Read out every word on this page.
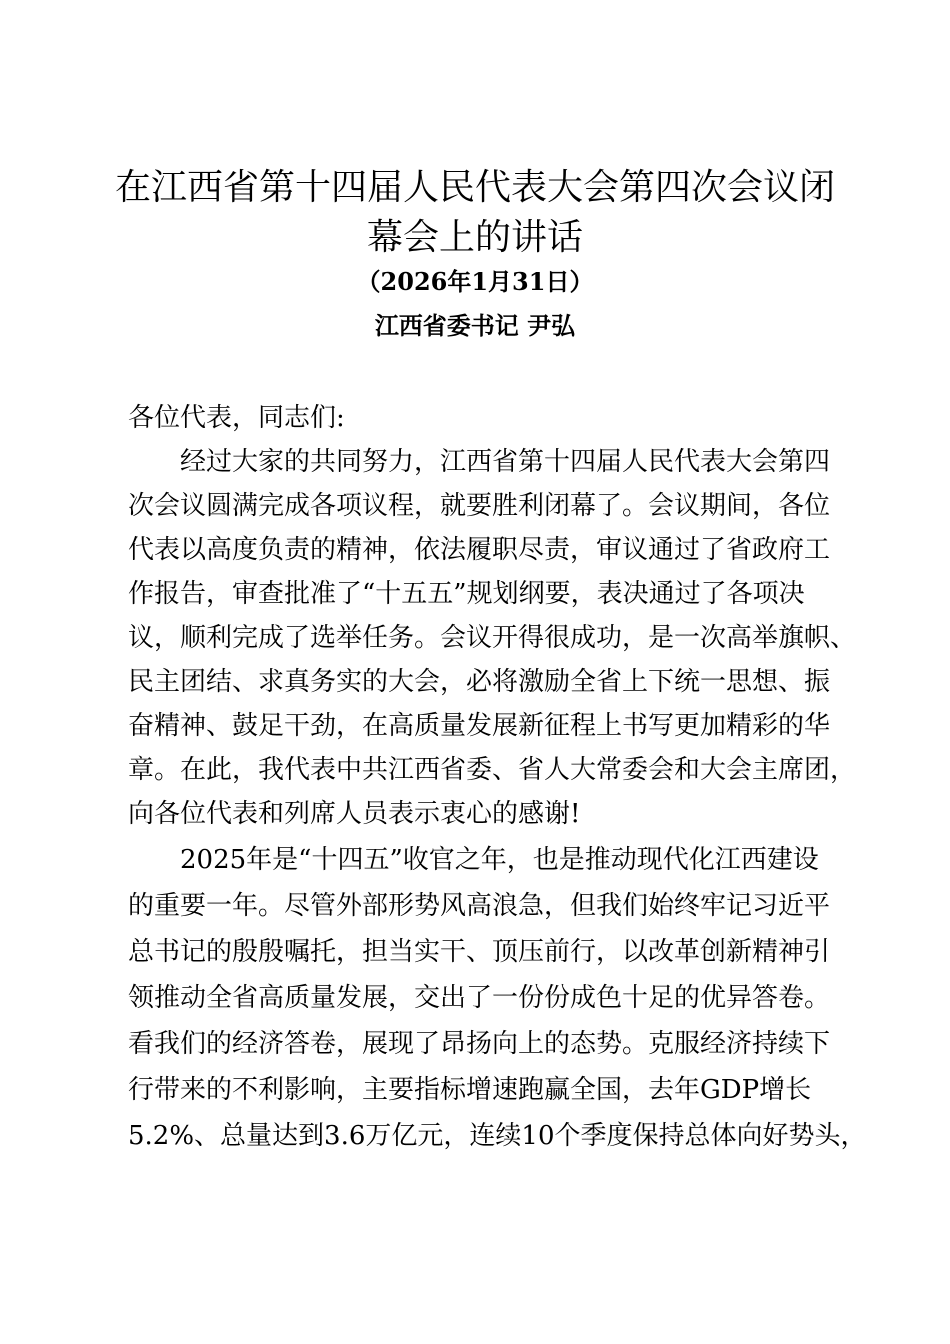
在江西省第十四届人民代表大会第四次会议闭
幕会上的讲话
（2026年1月31日）
江西省委书记 尹弘
各位代表，同志们:
　　经过大家的共同努力，江西省第十四届人民代表大会第四
次会议圆满完成各项议程，就要胜利闭幕了。会议期间，各位
代表以高度负责的精神，依法履职尽责，审议通过了省政府工
作报告，审查批准了“十五五”规划纲要，表决通过了各项决
议，顺利完成了选举任务。会议开得很成功，是一次高举旗帜、
民主团结、求真务实的大会，必将激励全省上下统一思想、振
奋精神、鼓足干劲，在高质量发展新征程上书写更加精彩的华
章。在此，我代表中共江西省委、省人大常委会和大会主席团，
向各位代表和列席人员表示衷心的感谢!
　　2025年是“十四五”收官之年，也是推动现代化江西建设
的重要一年。尽管外部形势风高浪急，但我们始终牢记习近平
总书记的殷殷嘱托，担当实干、顶压前行，以改革创新精神引
领推动全省高质量发展，交出了一份份成色十足的优异答卷。
看我们的经济答卷，展现了昂扬向上的态势。克服经济持续下
行带来的不利影响，主要指标增速跑赢全国，去年GDP增长
5.2%、总量达到3.6万亿元，连续10个季度保持总体向好势头，
